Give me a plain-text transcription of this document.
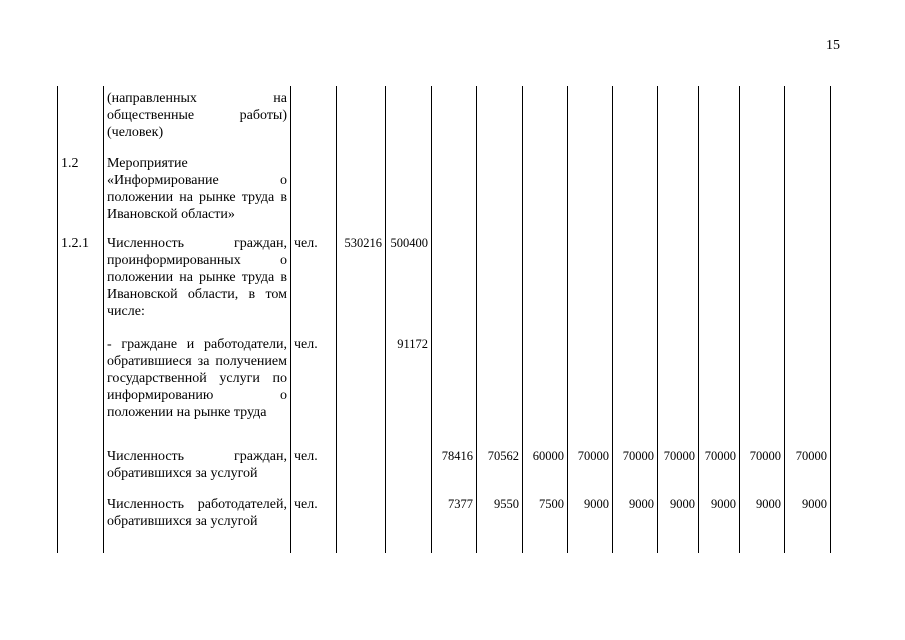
15
	(направленных на общественные работы) (человек)												
1.2	Мероприятие «Информирование о положении на рынке труда в Ивановской области»												
1.2.1	Численность граждан, проинформированных о положении на рынке труда в Ивановской области, в том числе:	чел.	530216	500400									
	- граждане и работодатели, обратившиеся за получением государственной услуги по информированию о положении на рынке труда	чел.		91172									
	Численность граждан, обратившихся за услугой	чел.			78416	70562	60000	70000	70000	70000	70000	70000	70000
	Численность работодателей, обратившихся за услугой	чел.			7377	9550	7500	9000	9000	9000	9000	9000	9000
